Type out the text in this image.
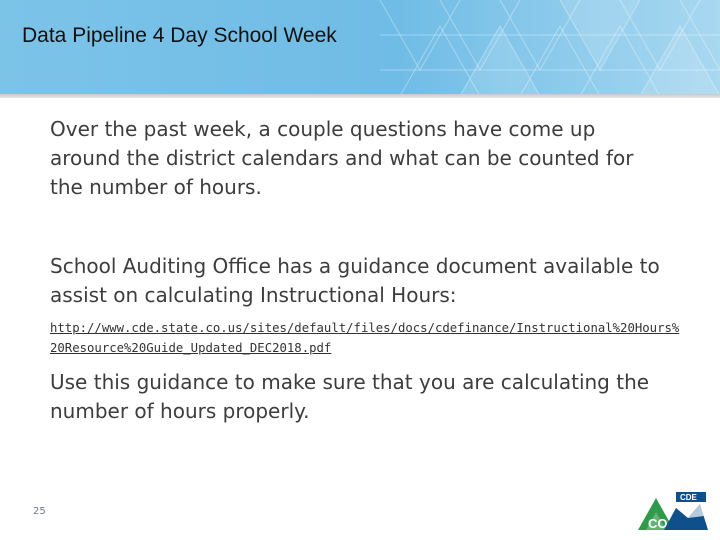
Data Pipeline 4 Day School Week
Over the past week, a couple questions have come up around the district calendars and what can be counted for the number of hours.
School Auditing Office has a guidance document available to assist on calculating Instructional Hours:
http://www.cde.state.co.us/sites/default/files/docs/cdefinance/Instructional%20Hours%20Resource%20Guide_Updated_DEC2018.pdf
Use this guidance to make sure that you are calculating the number of hours properly.
25
CO
CDE
